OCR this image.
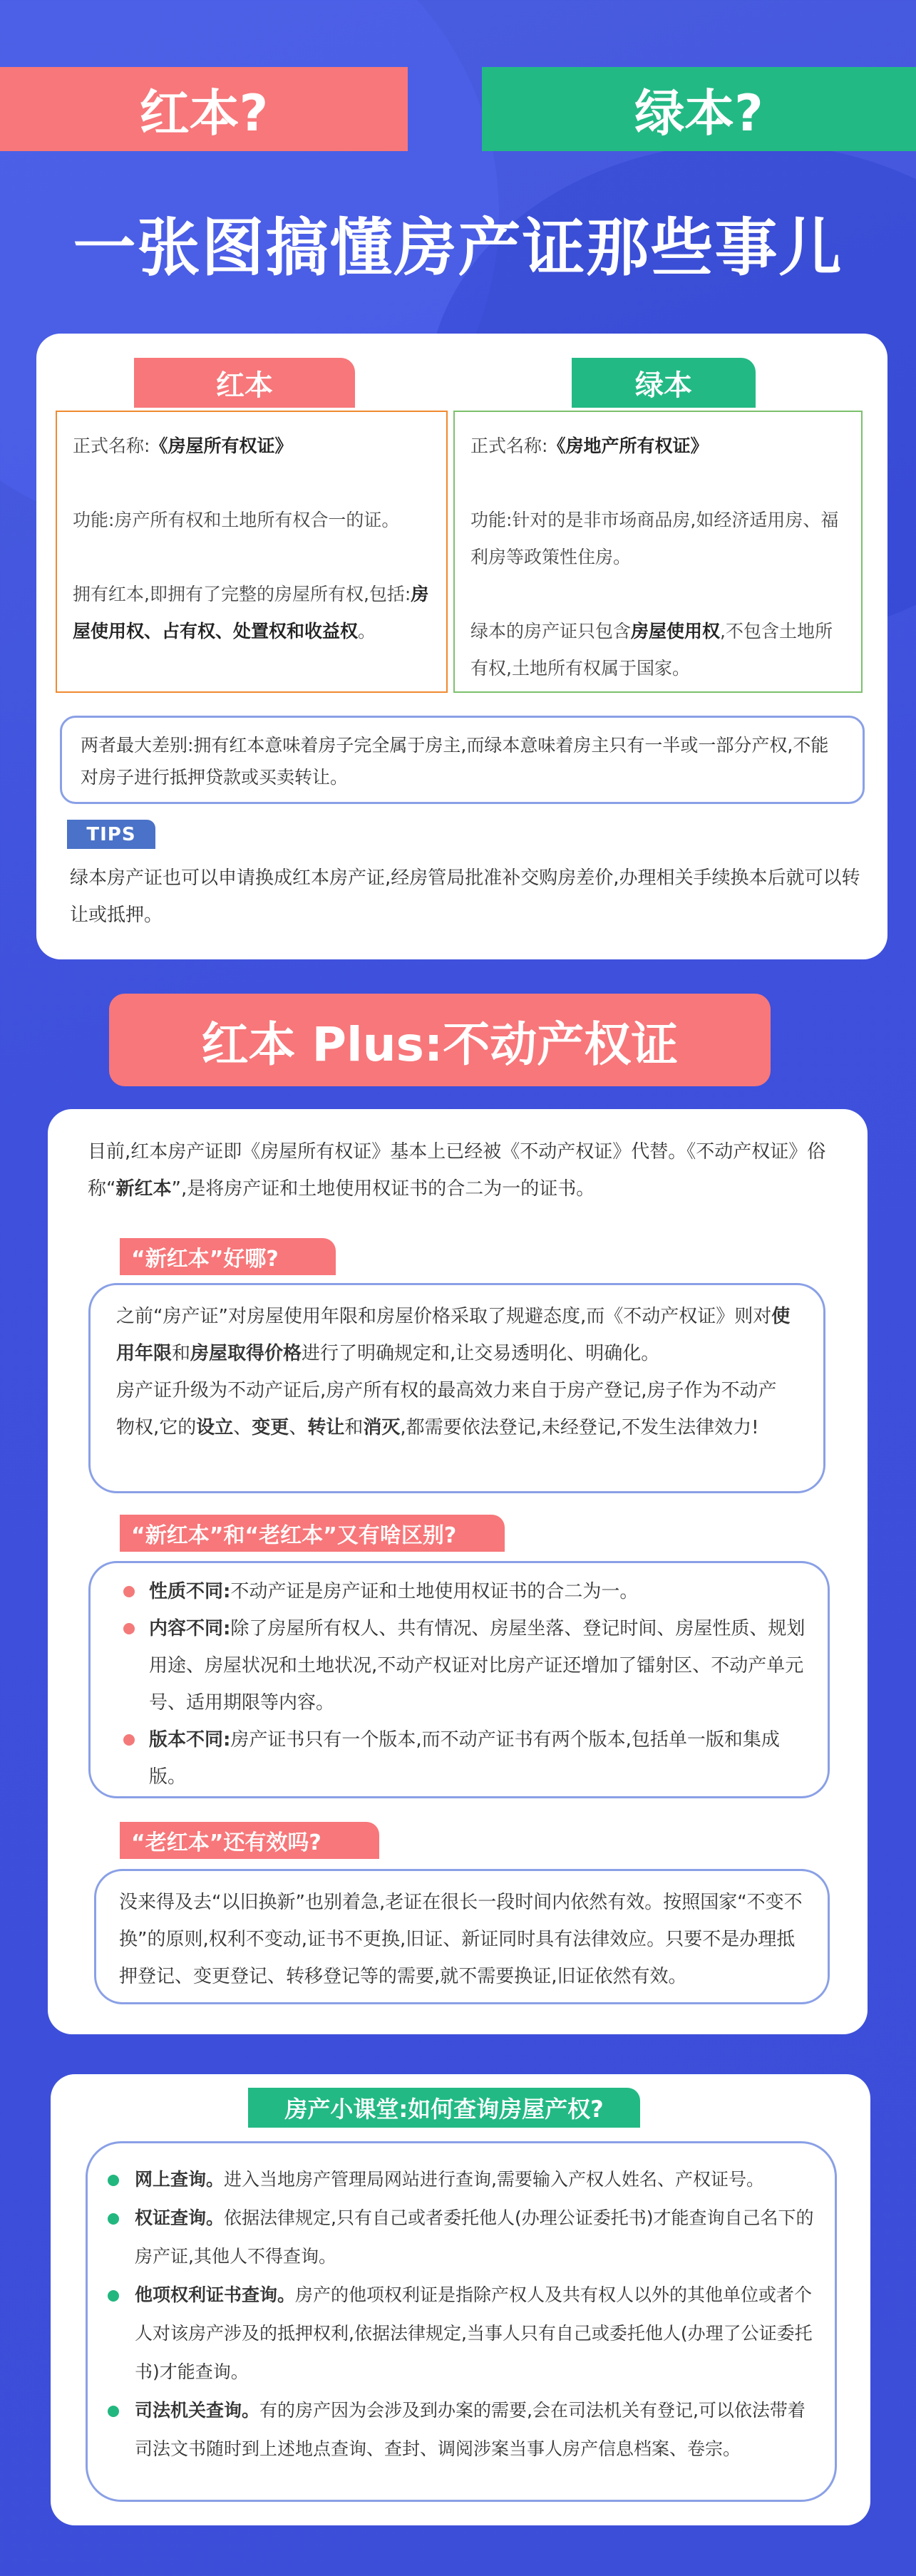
红本?	绿本?
一张图搞懂房产证那些事儿
红本	绿本

正式名称:《房屋所有权证》

功能:房产所有权和土地所有权合一的证。

拥有红本,即拥有了完整的房屋所有权,包括:房屋使用权、占有权、处置权和收益权。

正式名称:《房地产所有权证》

功能:针对的是非市场商品房,如经济适用房、福利房等政策性住房。

绿本的房产证只包含房屋使用权,不包含土地所有权,土地所有权属于国家。

两者最大差别:拥有红本意味着房子完全属于房主,而绿本意味着房主只有一半或一部分产权,不能对房子进行抵押贷款或买卖转让。
TIPS
绿本房产证也可以申请换成红本房产证,经房管局批准补交购房差价,办理相关手续换本后就可以转让或抵押。
红本 Plus:不动产权证
目前,红本房产证即《房屋所有权证》基本上已经被《不动产权证》代替。《不动产权证》俗称“新红本”,是将房产证和土地使用权证书的合二为一的证书。
“新红本”好哪?
之前“房产证”对房屋使用年限和房屋价格采取了规避态度,而《不动产权证》则对使用年限和房屋取得价格进行了明确规定和,让交易透明化、明确化。
房产证升级为不动产证后,房产所有权的最高效力来自于房产登记,房子作为不动产物权,它的设立、变更、转让和消灭,都需要依法登记,未经登记,不发生法律效力!
“新红本”和“老红本”又有啥区别?
性质不同:不动产证是房产证和土地使用权证书的合二为一。
内容不同:除了房屋所有权人、共有情况、房屋坐落、登记时间、房屋性质、规划用途、房屋状况和土地状况,不动产权证对比房产证还增加了镭射区、不动产单元号、适用期限等内容。
版本不同:房产证书只有一个版本,而不动产证书有两个版本,包括单一版和集成版。
“老红本”还有效吗?
没来得及去“以旧换新”也别着急,老证在很长一段时间内依然有效。按照国家“不变不换”的原则,权利不变动,证书不更换,旧证、新证同时具有法律效应。只要不是办理抵押登记、变更登记、转移登记等的需要,就不需要换证,旧证依然有效。
房产小课堂:如何查询房屋产权?
网上查询。进入当地房产管理局网站进行查询,需要输入产权人姓名、产权证号。
权证查询。依据法律规定,只有自己或者委托他人(办理公证委托书)才能查询自己名下的房产证,其他人不得查询。
他项权利证书查询。房产的他项权利证是指除产权人及共有权人以外的其他单位或者个人对该房产涉及的抵押权利,依据法律规定,当事人只有自己或委托他人(办理了公证委托书)才能查询。
司法机关查询。有的房产因为会涉及到办案的需要,会在司法机关有登记,可以依法带着司法文书随时到上述地点查询、查封、调阅涉案当事人房产信息档案、卷宗。
